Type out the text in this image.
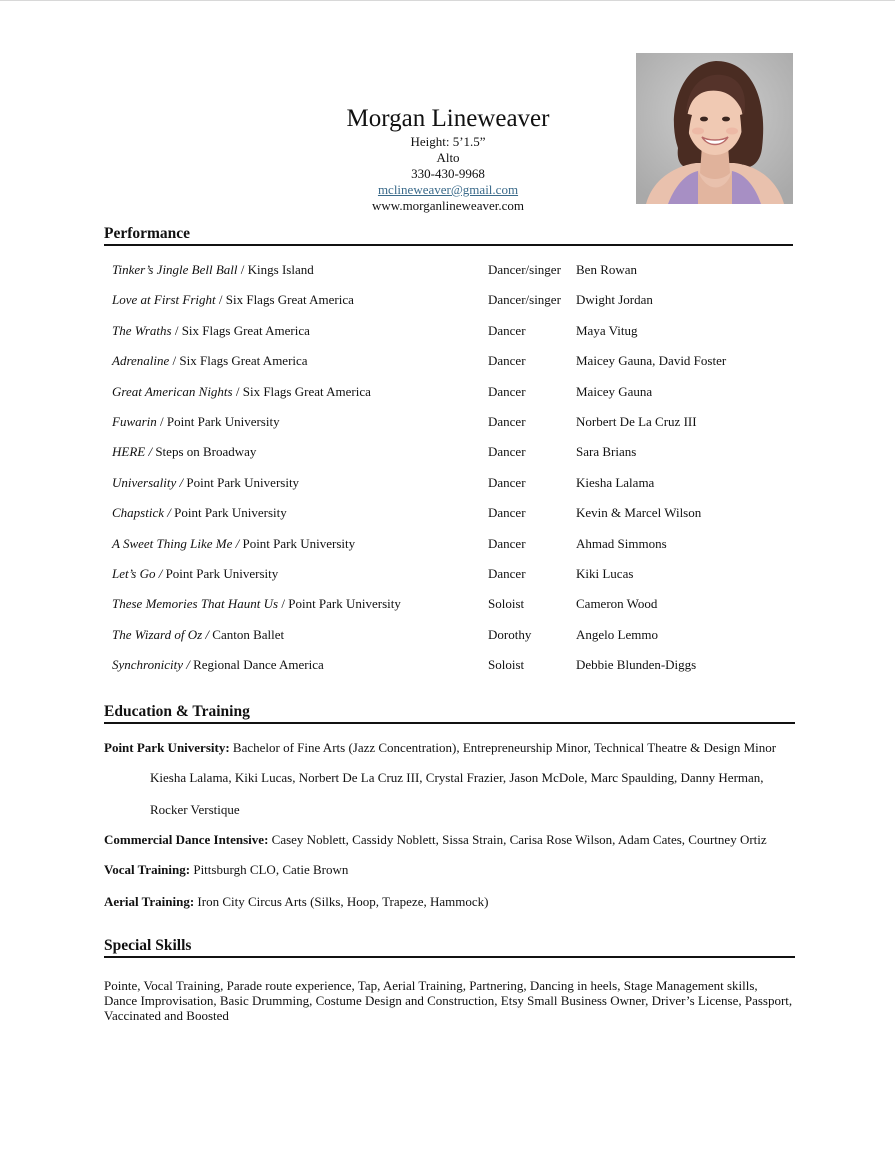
Morgan Lineweaver
Height: 5’1.5”
Alto
330-430-9968
mclineweaver@gmail.com
www.morganlineweaver.com
Performance
Tinker’s Jingle Bell Ball / Kings Island	Dancer/singer Ben Rowan
Love at First Fright / Six Flags Great America	Dancer/singer Dwight Jordan
The Wraths / Six Flags Great America	Dancer	Maya Vitug
Adrenaline / Six Flags Great America	Dancer	Maicey Gauna, David Foster
Great American Nights / Six Flags Great America	Dancer	Maicey Gauna
Fuwarin / Point Park University	Dancer	Norbert De La Cruz III
HERE / Steps on Broadway	Dancer	Sara Brians
Universality / Point Park University	Dancer	Kiesha Lalama
Chapstick / Point Park University	Dancer	Kevin & Marcel Wilson
A Sweet Thing Like Me / Point Park University	Dancer	Ahmad Simmons
Let’s Go / Point Park University	Dancer	Kiki Lucas
These Memories That Haunt Us / Point Park University	Soloist	Cameron Wood
The Wizard of Oz / Canton Ballet	Dorothy	Angelo Lemmo
Synchronicity / Regional Dance America	Soloist	Debbie Blunden-Diggs
Education & Training
Point Park University: Bachelor of Fine Arts (Jazz Concentration), Entrepreneurship Minor, Technical Theatre & Design Minor
Kiesha Lalama, Kiki Lucas, Norbert De La Cruz III, Crystal Frazier, Jason McDole, Marc Spaulding, Danny Herman,
Rocker Verstique
Commercial Dance Intensive: Casey Noblett, Cassidy Noblett, Sissa Strain, Carisa Rose Wilson, Adam Cates, Courtney Ortiz
Vocal Training: Pittsburgh CLO, Catie Brown
Aerial Training: Iron City Circus Arts (Silks, Hoop, Trapeze, Hammock)
Special Skills
Pointe, Vocal Training, Parade route experience, Tap, Aerial Training, Partnering, Dancing in heels, Stage Management skills, Dance Improvisation, Basic Drumming, Costume Design and Construction, Etsy Small Business Owner, Driver’s License, Passport, Vaccinated and Boosted
